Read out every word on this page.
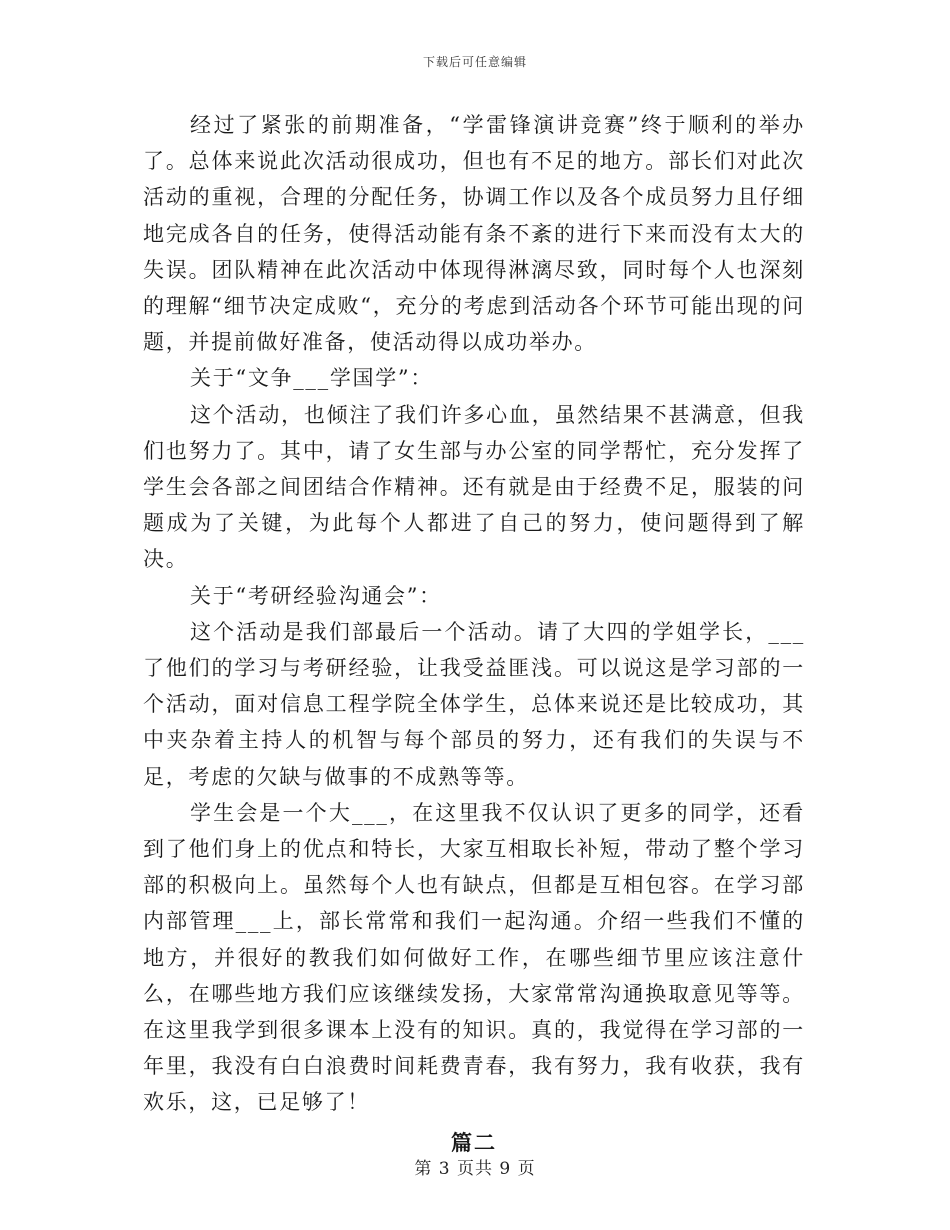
下载后可任意编辑

经过了紧张的前期准备，“学雷锋演讲竞赛”终于顺利的举办了。总体来说此次活动很成功，但也有不足的地方。部长们对此次活动的重视，合理的分配任务，协调工作以及各个成员努力且仔细地完成各自的任务，使得活动能有条不紊的进行下来而没有太大的失误。团队精神在此次活动中体现得淋漓尽致，同时每个人也深刻的理解“细节决定成败“，充分的考虑到活动各个环节可能出现的问题，并提前做好准备，使活动得以成功举办。

关于“文争___学国学”：

这个活动，也倾注了我们许多心血，虽然结果不甚满意，但我们也努力了。其中，请了女生部与办公室的同学帮忙，充分发挥了学生会各部之间团结合作精神。还有就是由于经费不足，服装的问题成为了关键，为此每个人都进了自己的努力，使问题得到了解决。

关于“考研经验沟通会”：

这个活动是我们部最后一个活动。请了大四的学姐学长，___了他们的学习与考研经验，让我受益匪浅。可以说这是学习部的一个活动，面对信息工程学院全体学生，总体来说还是比较成功，其中夹杂着主持人的机智与每个部员的努力，还有我们的失误与不足，考虑的欠缺与做事的不成熟等等。

学生会是一个大___，在这里我不仅认识了更多的同学，还看到了他们身上的优点和特长，大家互相取长补短，带动了整个学习部的积极向上。虽然每个人也有缺点，但都是互相包容。在学习部内部管理___上，部长常常和我们一起沟通。介绍一些我们不懂的地方，并很好的教我们如何做好工作，在哪些细节里应该注意什么，在哪些地方我们应该继续发扬，大家常常沟通换取意见等等。在这里我学到很多课本上没有的知识。真的，我觉得在学习部的一年里，我没有白白浪费时间耗费青春，我有努力，我有收获，我有欢乐，这，已足够了！

篇二
第 3 页共 9 页
